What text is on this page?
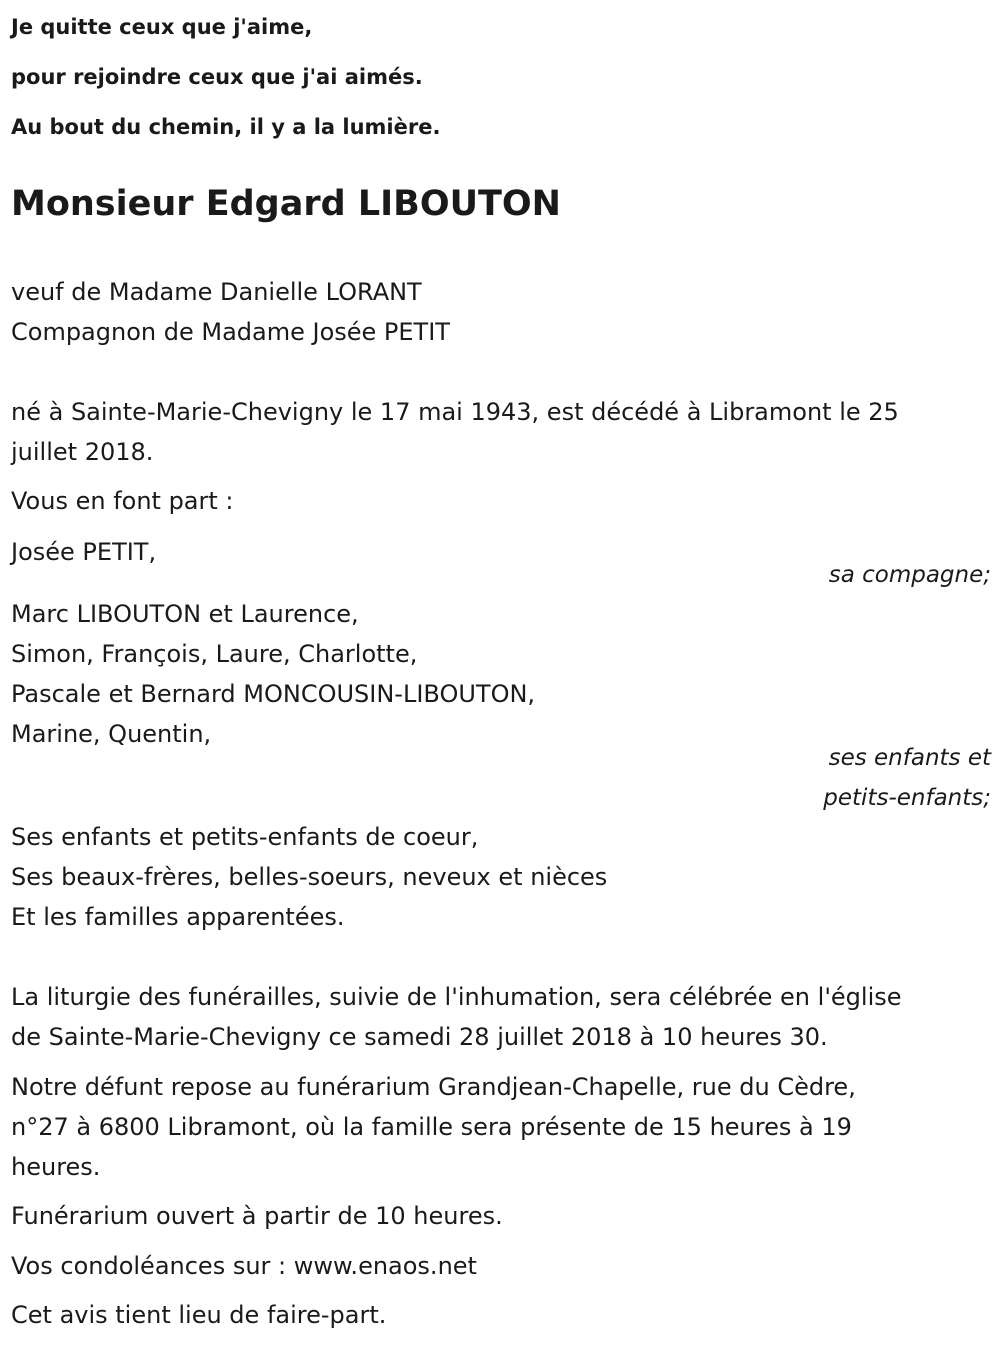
Je quitte ceux que j'aime,

pour rejoindre ceux que j'ai aimés.

Au bout du chemin, il y a la lumière.

Monsieur Edgard LIBOUTON
veuf de Madame Danielle LORANT
Compagnon de Madame Josée PETIT
né à Sainte-Marie-Chevigny le 17 mai 1943, est décédé à Libramont le 25
juillet 2018.
Vous en font part :
Josée PETIT,
sa compagne;
Marc LIBOUTON et Laurence,
Simon, François, Laure, Charlotte,
Pascale et Bernard MONCOUSIN-LIBOUTON,
Marine, Quentin,
ses enfants et
petits-enfants;
Ses enfants et petits-enfants de coeur,
Ses beaux-frères, belles-soeurs, neveux et nièces
Et les familles apparentées.
La liturgie des funérailles, suivie de l'inhumation, sera célébrée en l'église
de Sainte-Marie-Chevigny ce samedi 28 juillet 2018 à 10 heures 30.
Notre défunt repose au funérarium Grandjean-Chapelle, rue du Cèdre,
n°27 à 6800 Libramont, où la famille sera présente de 15 heures à 19
heures.
Funérarium ouvert à partir de 10 heures.
Vos condoléances sur : www.enaos.net
Cet avis tient lieu de faire-part.
